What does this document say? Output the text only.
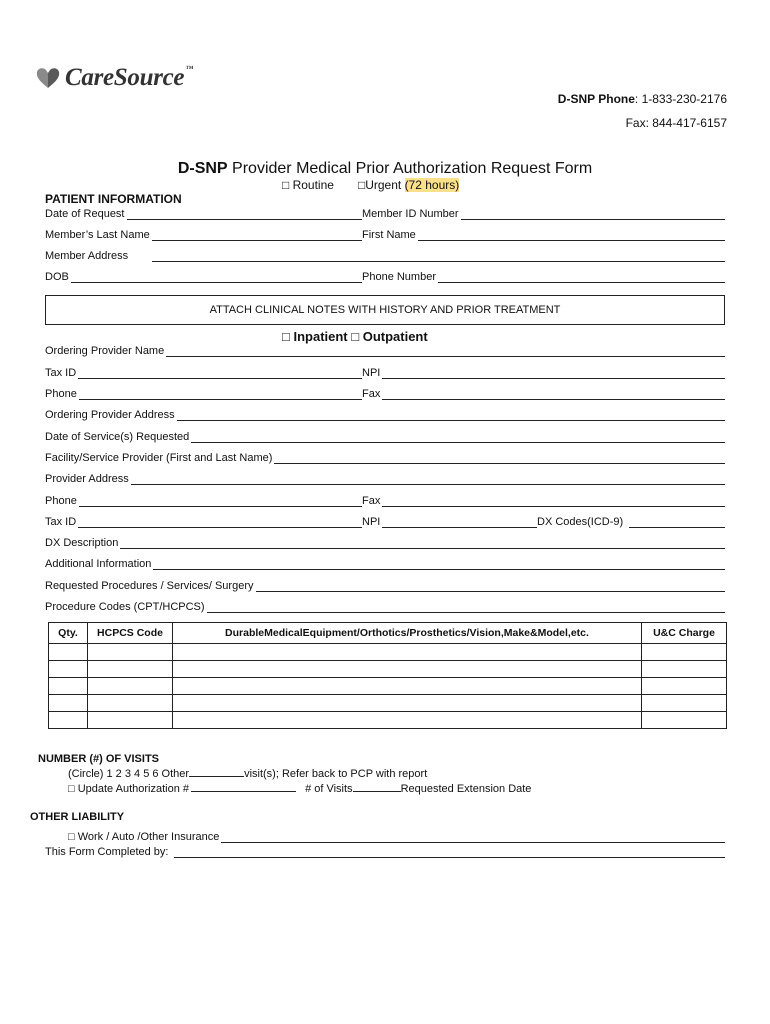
CareSource™
D-SNP Phone: 1-833-230-2176
Fax: 844-417-6157
D-SNP Provider Medical Prior Authorization Request Form
□ Routine □Urgent (72 hours)
PATIENT INFORMATION
Date of Request	Member ID Number
Member’s Last Name	First Name
Member Address
DOB	Phone Number
ATTACH CLINICAL NOTES WITH HISTORY AND PRIOR TREATMENT
□ Inpatient □ Outpatient
Ordering Provider Name
Tax ID	NPI
Phone	Fax
Ordering Provider Address
Date of Service(s) Requested
Facility/Service Provider (First and Last Name)
Provider Address
Phone	Fax
Tax ID	NPI	DX Codes(ICD-9)
DX Description
Additional Information
Requested Procedures / Services/ Surgery
Procedure Codes (CPT/HCPCS)
Qty.	HCPCS Code	DurableMedicalEquipment/Orthotics/Prosthetics/Vision,Make&Model,etc.	U&C Charge

NUMBER (#) OF VISITS
(Circle) 1 2 3 4 5 6 Other	visit(s); Refer back to PCP with report
□ Update Authorization #	# of Visits	Requested Extension Date
OTHER LIABILITY
□ Work / Auto /Other Insurance
This Form Completed by:
